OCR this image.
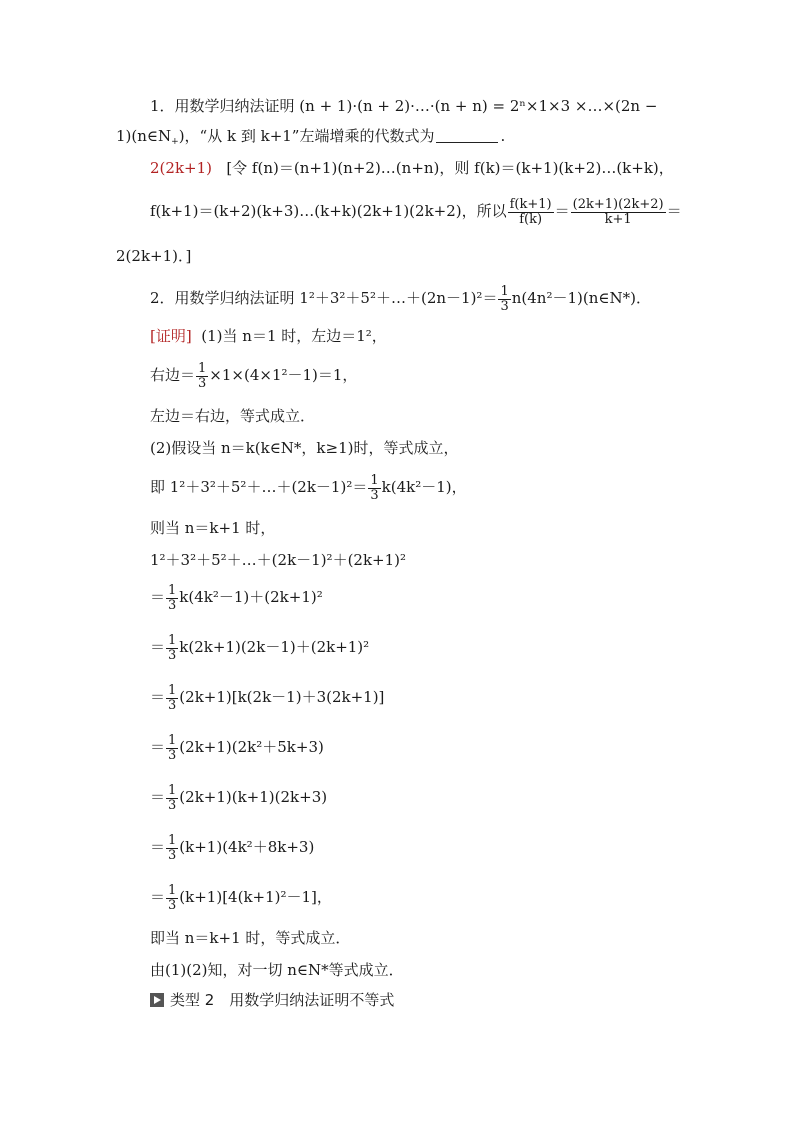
1．用数学归纳法证明 (n + 1)·(n + 2)·…·(n + n) = 2ⁿ×1×3 ×…×(2n −
$1)(n\in N_+)$，“从 k 到 k+1”左端增乘的代数式为	.
2(2k+1) [令 f(n)＝(n+1)(n+2)…(n+n)，则 f(k)＝(k+1)(k+2)…(k+k)，
f(k+1)＝(k+2)(k+3)…(k+k)(2k+1)(2k+2)，所以 $\frac{f(k+1)}{f(k)} = \frac{(2k+1)(2k+2)}{k+1}$ ＝
2(2k+1)．]
2．用数学归纳法证明 1²＋3²＋5²＋…＋(2n－1)²＝ $\frac{1}{3}$ n(4n²－1)(n∈N*)．
[证明] (1)当 n＝1 时，左边＝1²，
右边＝ $\frac{1}{3} \times 1\times(4\times 1^2-1)=1$，
左边＝右边，等式成立．
(2)假设当 n＝k(k∈N*，k≥1)时，等式成立，
即 1²＋3²＋5²＋…＋(2k－1)²＝ $\frac{1}{3} k(4k^2-1)$，
则当 n＝k+1 时，
1²＋3²＋5²＋…＋(2k－1)²＋(2k+1)²
＝ $\frac{1}{3} k(4k^2-1)+(2k+1)^2$
＝ $\frac{1}{3} k(2k+1)(2k-1)+(2k+1)^2$
＝ $\frac{1}{3} (2k+1)[k(2k-1)+3(2k+1)]$
＝ $\frac{1}{3} (2k+1)(2k^2+5k+3)$
＝ $\frac{1}{3} (2k+1)(k+1)(2k+3)$
＝ $\frac{1}{3} (k+1)(4k^2+8k+3)$
＝ $\frac{1}{3} (k+1)[4(k+1)^2-1]$，
即当 n＝k+1 时，等式成立．
由(1)(2)知，对一切 n∈N*等式成立．
类型 2　用数学归纳法证明不等式
